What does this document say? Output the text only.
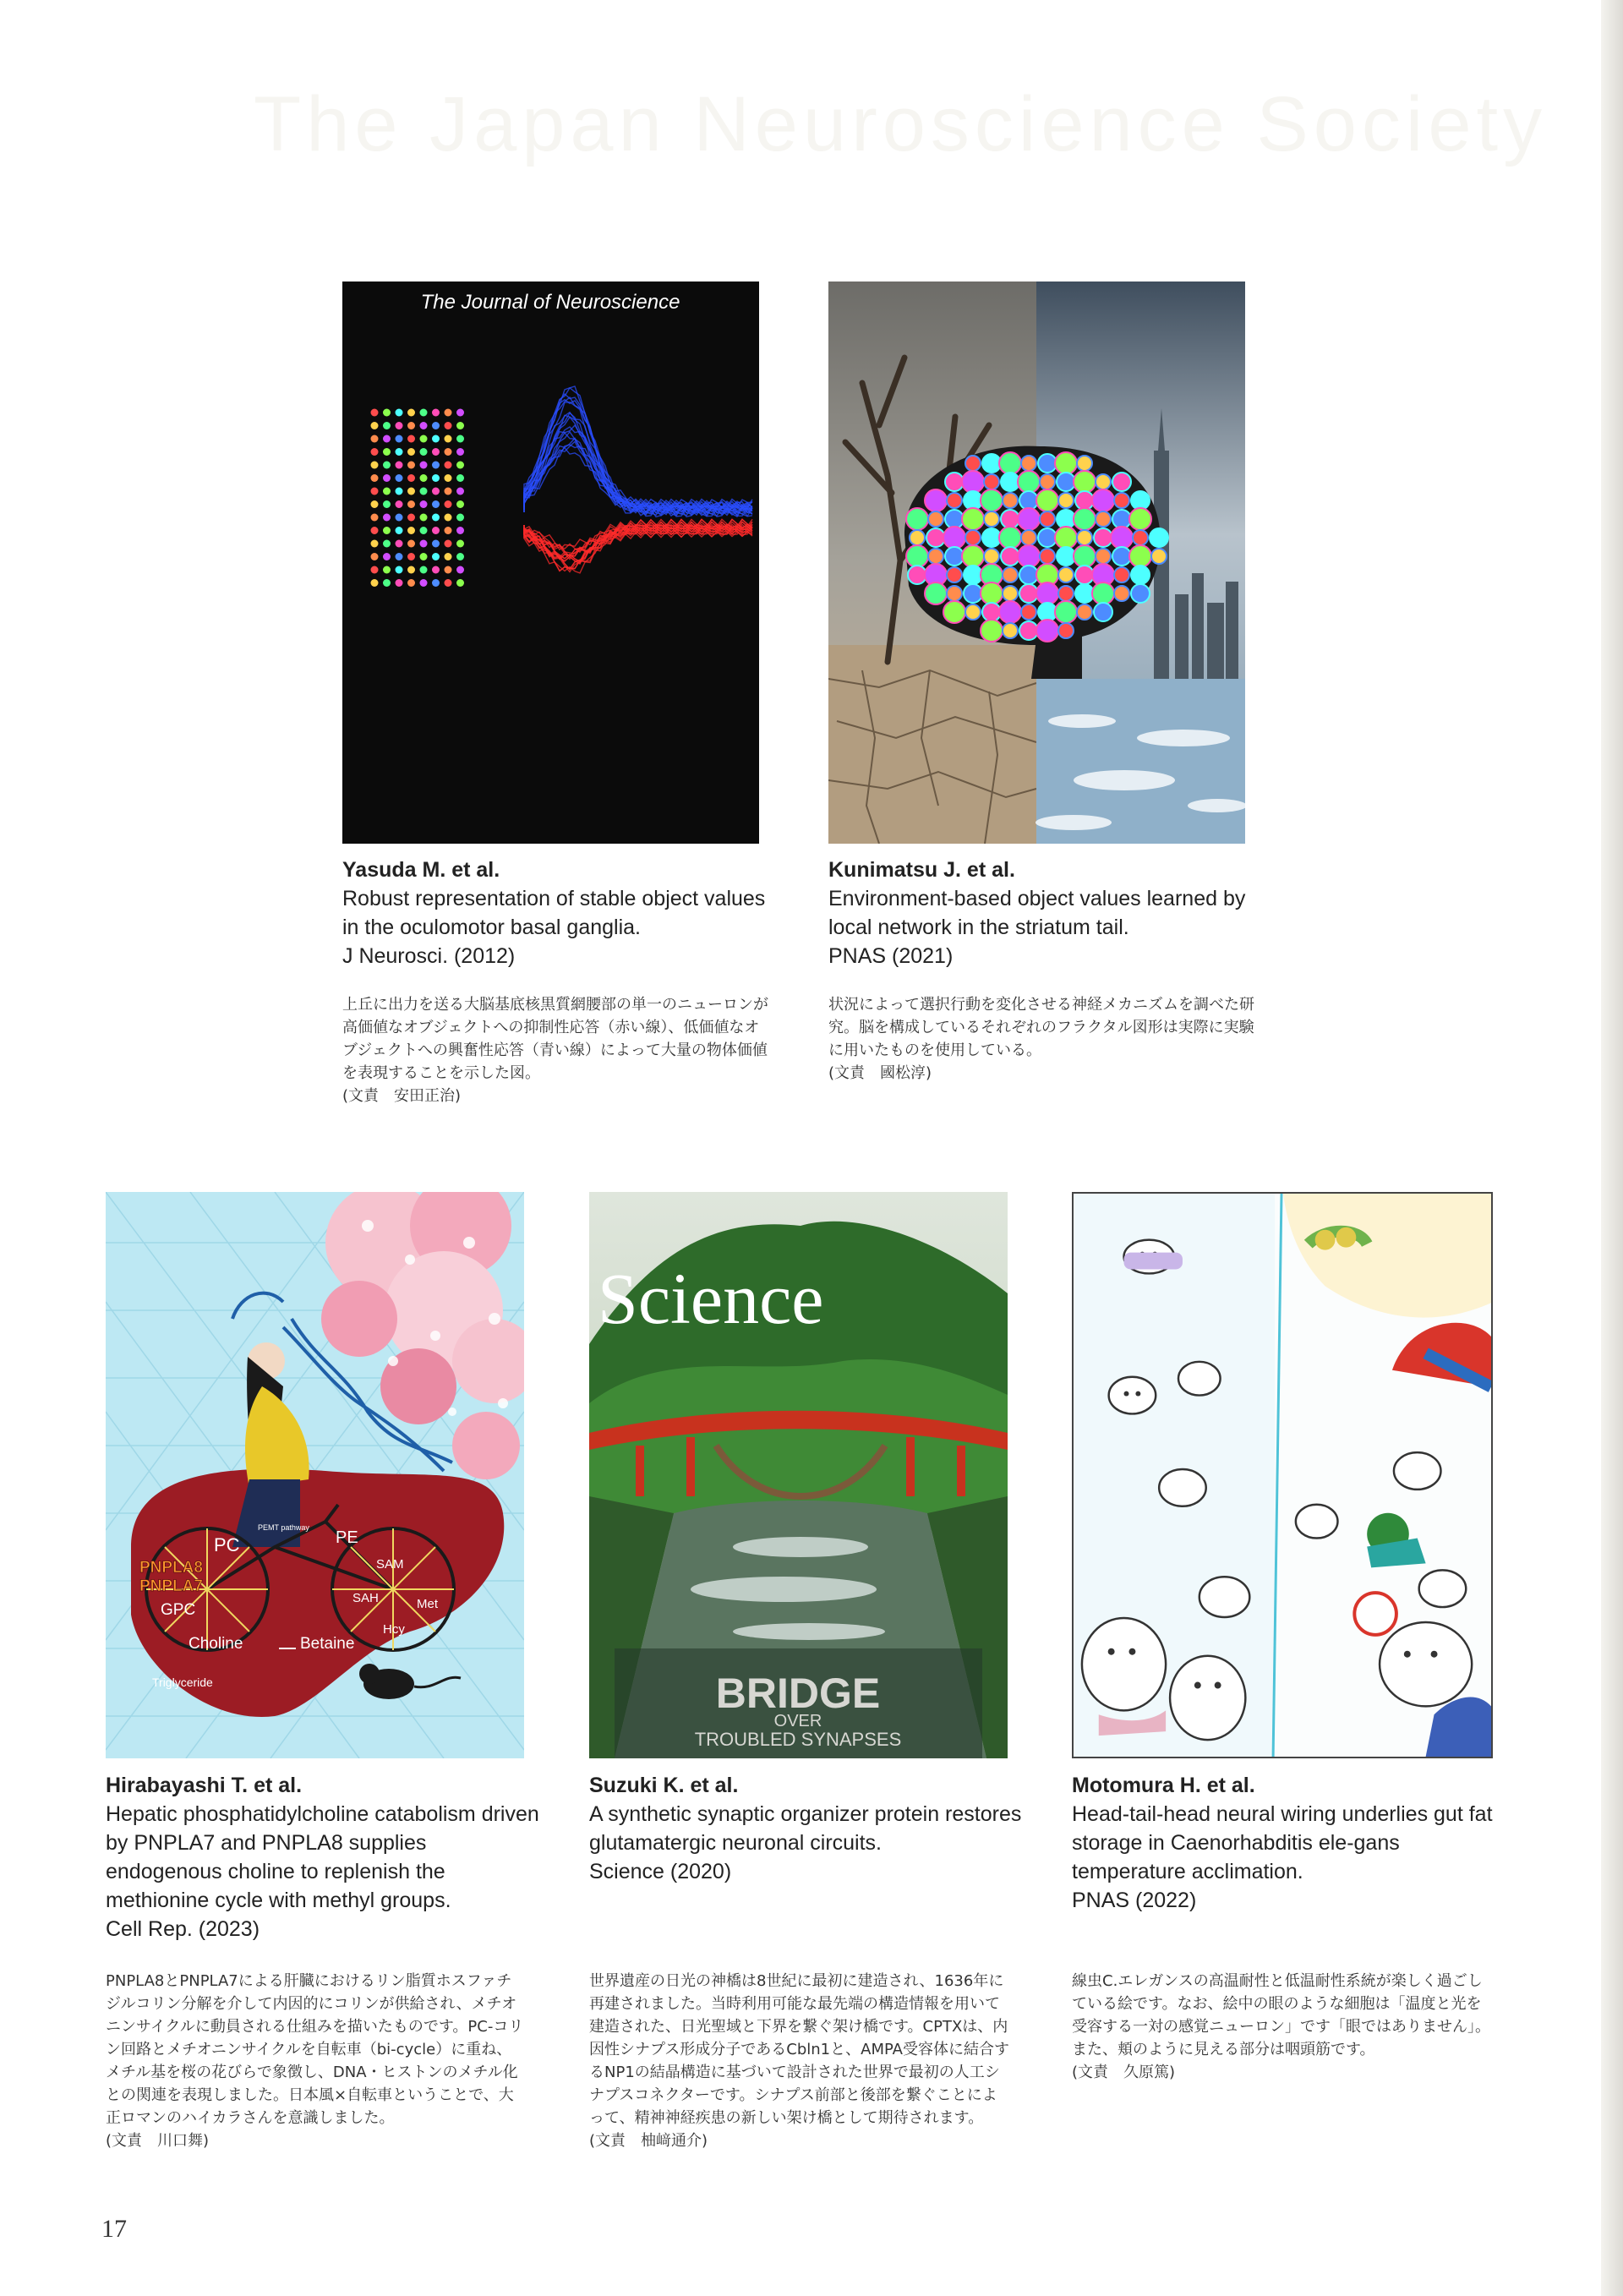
The Japan Neuroscience Society
The Journal of Neuroscience
Yasuda M. et al.
Robust representation of stable object values in the oculomotor basal ganglia.
J Neurosci. (2012)

上丘に出力を送る大脳基底核黒質網腰部の単一のニューロンが高価値なオブジェクトへの抑制性応答（赤い線）、低価値なオブジェクトへの興奮性応答（青い線）によって大量の物体価値を表現することを示した図。

(文責　安田正治)

Kunimatsu J. et al.
Environment-based object values learned by local network in the striatum tail.
PNAS (2021)

状況によって選択行動を変化させる神経メカニズムを調べた研究。脳を構成しているそれぞれのフラクタル図形は実際に実験に用いたものを使用している。

(文責　國松淳)

PC	PE
SAM
SAH	Met
Hcy
PNPLA8
PNPLA7
GPC
Choline	Betaine
Triglyceride
PEMT pathway
Science
BRIDGE
OVER
TROUBLED SYNAPSES
Hirabayashi T. et al.
Hepatic phosphatidylcholine catabolism driven by PNPLA7 and PNPLA8 supplies endogenous choline to replenish the methionine cycle with methyl groups.
Cell Rep. (2023)

PNPLA8とPNPLA7による肝臓におけるリン脂質ホスファチジルコリン分解を介して内因的にコリンが供給され、メチオニンサイクルに動員される仕組みを描いたものです。PC-コリン回路とメチオニンサイクルを自転車（bi-cycle）に重ね、メチル基を桜の花びらで象徴し、DNA・ヒストンのメチル化との関連を表現しました。日本風×自転車ということで、大正ロマンのハイカラさんを意識しました。

(文責　川口舞)

Suzuki K. et al.
A synthetic synaptic organizer protein restores glutamatergic neuronal circuits.
Science (2020)

世界遺産の日光の神橋は8世紀に最初に建造され、1636年に再建されました。当時利用可能な最先端の構造情報を用いて建造された、日光聖域と下界を繋ぐ架け橋です。CPTXは、内因性シナプス形成分子であるCbln1と、AMPA受容体に結合するNP1の結晶構造に基づいて設計された世界で最初の人工シナプスコネクターです。シナプス前部と後部を繋ぐことによって、精神神経疾患の新しい架け橋として期待されます。

(文責　柚﨑通介)

Motomura H. et al.
Head-tail-head neural wiring underlies gut fat storage in Caenorhabditis ele-gans temperature acclimation.
PNAS (2022)

線虫C.エレガンスの高温耐性と低温耐性系統が楽しく過ごしている絵です。なお、絵中の眼のような細胞は「温度と光を受容する一対の感覚ニューロン」です「眼ではありません」。また、頬のように見える部分は咽頭筋です。

(文責　久原篤)

17
